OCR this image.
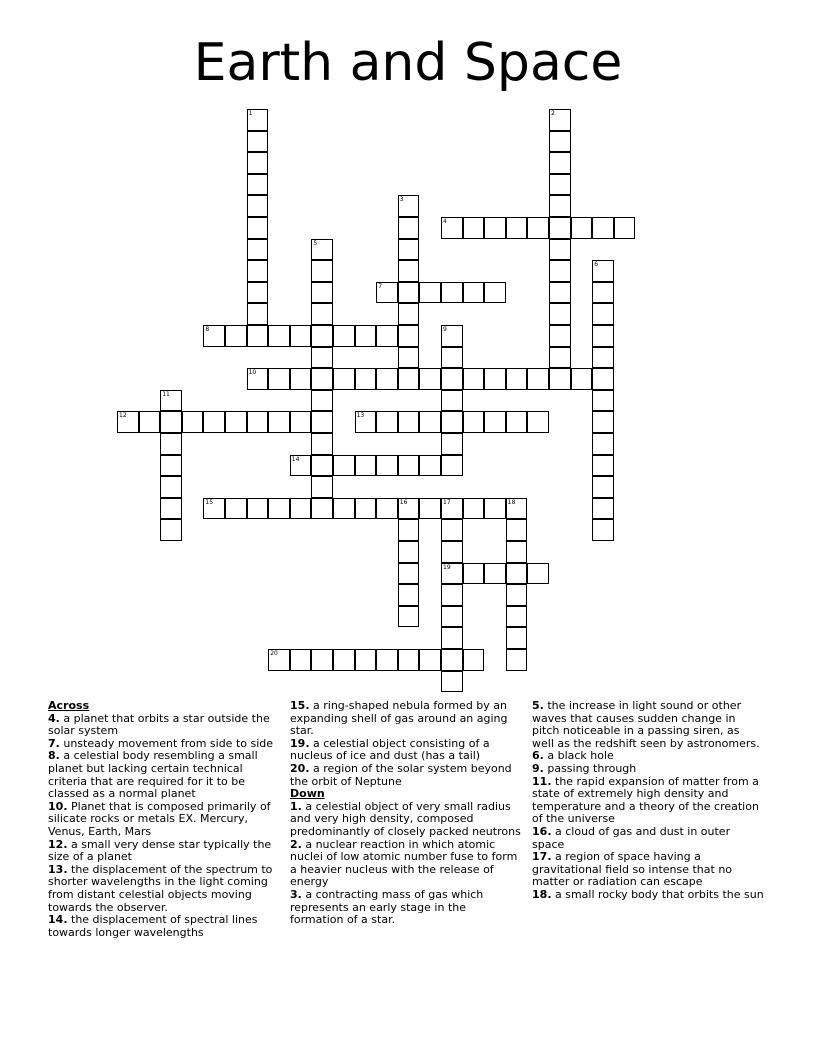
Earth and Space
4
7
8
10
12	13
14
15	16	17	18
19
20
1	2
3
5
6
9
11
Across
4. a planet that orbits a star outside the solar system
7. unsteady movement from side to side
8. a celestial body resembling a small planet but lacking certain technical criteria that are required for it to be classed as a normal planet
10. Planet that is composed primarily of silicate rocks or metals EX. Mercury, Venus, Earth, Mars
12. a small very dense star typically the size of a planet
13. the displacement of the spectrum to shorter wavelengths in the light coming from distant celestial objects moving towards the observer.
14. the displacement of spectral lines towards longer wavelengths
15. a ring-shaped nebula formed by an expanding shell of gas around an aging star.
19. a celestial object consisting of a nucleus of ice and dust (has a tail)
20. a region of the solar system beyond the orbit of Neptune
Down
1. a celestial object of very small radius and very high density, composed predominantly of closely packed neutrons
2. a nuclear reaction in which atomic nuclei of low atomic number fuse to form a heavier nucleus with the release of energy
3. a contracting mass of gas which represents an early stage in the formation of a star.
5. the increase in light sound or other waves that causes sudden change in pitch noticeable in a passing siren, as well as the redshift seen by astronomers.
6. a black hole
9. passing through
11. the rapid expansion of matter from a state of extremely high density and temperature and a theory of the creation of the universe
16. a cloud of gas and dust in outer space
17. a region of space having a gravitational field so intense that no matter or radiation can escape
18. a small rocky body that orbits the sun
